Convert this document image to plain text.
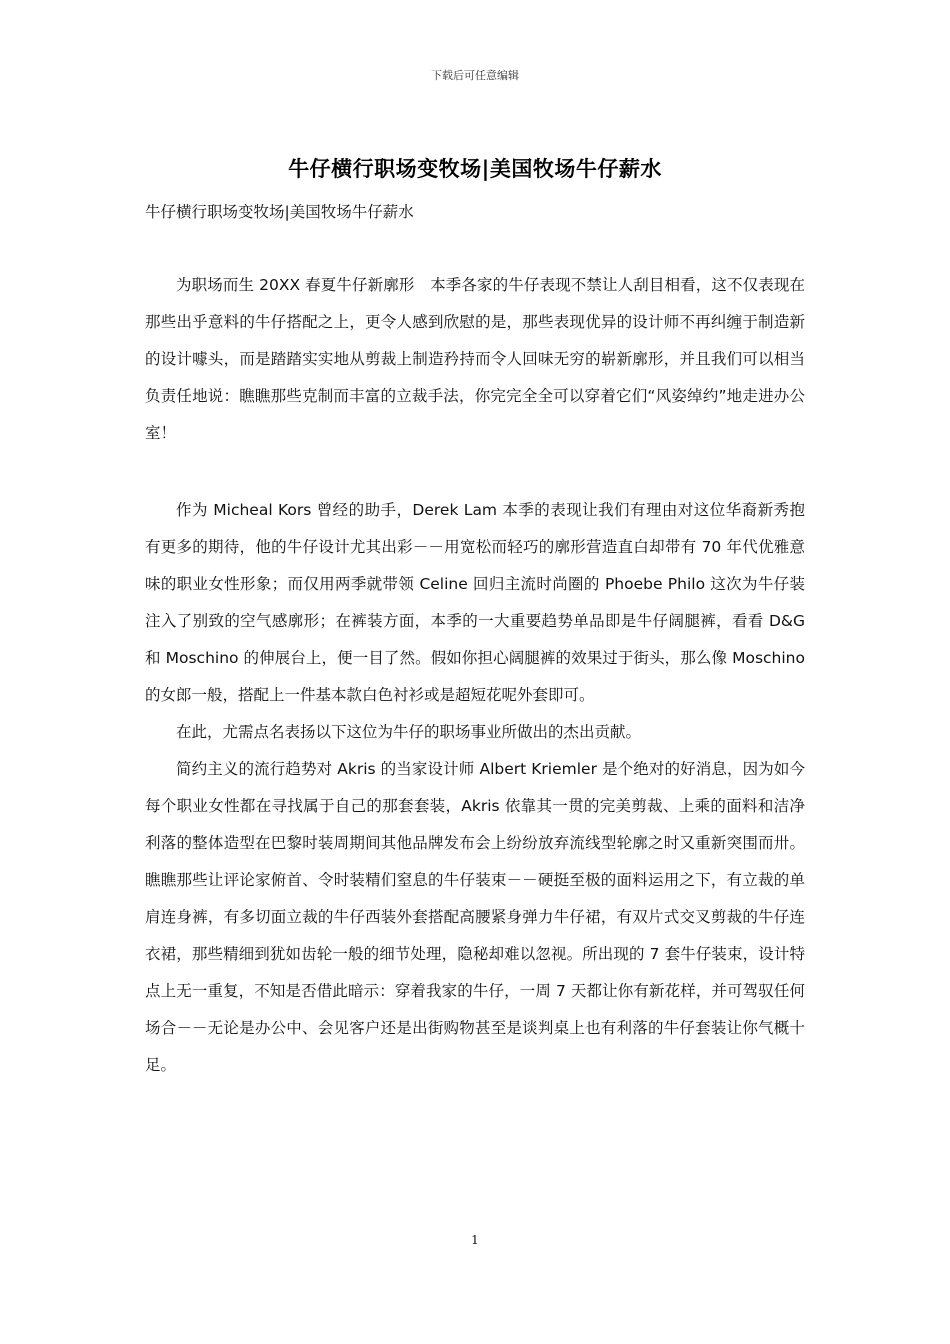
下载后可任意编辑
牛仔横行职场变牧场|美国牧场牛仔薪水
牛仔横行职场变牧场|美国牧场牛仔薪水

为职场而生 20XX 春夏牛仔新廓形　本季各家的牛仔表现不禁让人刮目相看，这不仅表现在那些出乎意料的牛仔搭配之上，更令人感到欣慰的是，那些表现优异的设计师不再纠缠于制造新的设计噱头，而是踏踏实实地从剪裁上制造矜持而令人回味无穷的崭新廓形，并且我们可以相当负责任地说：瞧瞧那些克制而丰富的立裁手法，你完完全全可以穿着它们“风姿绰约”地走进办公室！

作为 Micheal Kors 曾经的助手，Derek Lam 本季的表现让我们有理由对这位华裔新秀抱有更多的期待，他的牛仔设计尤其出彩－－用宽松而轻巧的廓形营造直白却带有 70 年代优雅意味的职业女性形象；而仅用两季就带领 Celine 回归主流时尚圈的 Phoebe Philo 这次为牛仔装注入了别致的空气感廓形；在裤装方面，本季的一大重要趋势单品即是牛仔阔腿裤，看看 D&G 和 Moschino 的伸展台上，便一目了然。假如你担心阔腿裤的效果过于街头，那么像 Moschino 的女郎一般，搭配上一件基本款白色衬衫或是超短花呢外套即可。

在此，尤需点名表扬以下这位为牛仔的职场事业所做出的杰出贡献。

简约主义的流行趋势对 Akris 的当家设计师 Albert Kriemler 是个绝对的好消息，因为如今每个职业女性都在寻找属于自己的那套套装，Akris 依靠其一贯的完美剪裁、上乘的面料和洁净利落的整体造型在巴黎时装周期间其他品牌发布会上纷纷放弃流线型轮廓之时又重新突围而卅。瞧瞧那些让评论家俯首、令时装精们窒息的牛仔装束－－硬挺至极的面料运用之下，有立裁的单肩连身裤，有多切面立裁的牛仔西装外套搭配高腰紧身弹力牛仔裙，有双片式交叉剪裁的牛仔连衣裙，那些精细到犹如齿轮一般的细节处理，隐秘却难以忽视。所出现的 7 套牛仔装束，设计特点上无一重复，不知是否借此暗示：穿着我家的牛仔，一周 7 天都让你有新花样，并可驾驭任何场合－－无论是办公中、会见客户还是出街购物甚至是谈判桌上也有利落的牛仔套装让你气概十足。

1
